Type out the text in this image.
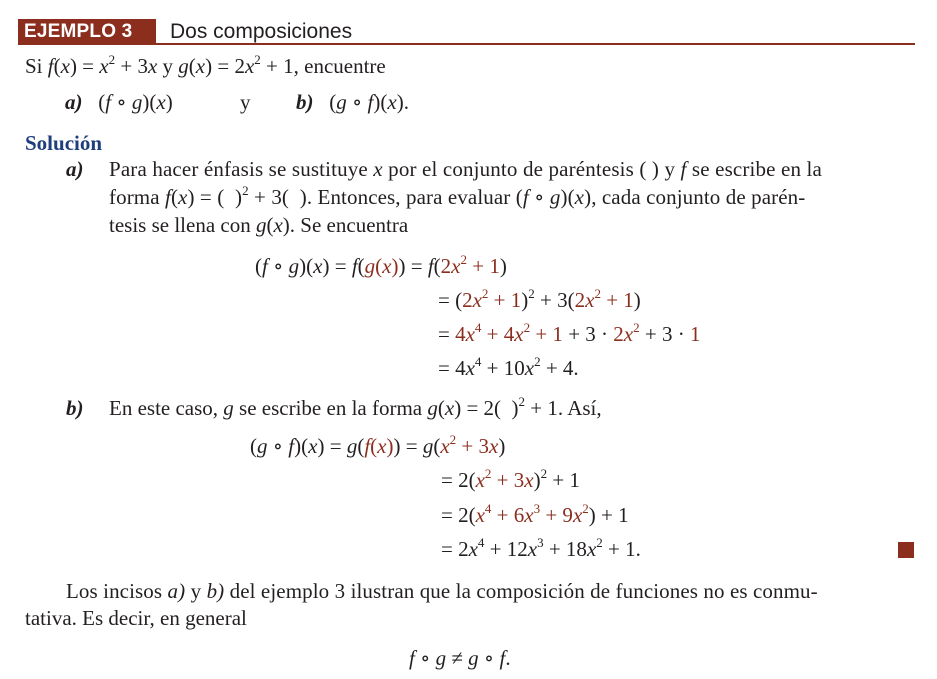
EJEMPLO 3	Dos composiciones
Si $f(x) = x^2 + 3x$ y $g(x) = 2x^2 + 1$, encuentre
a)   (f ∘ g)(x)	y b)   (g ∘ f)(x).
Solución
a) Para hacer énfasis se sustituye x por el conjunto de paréntesis ( ) y f se escribe en la
forma f(x) = (  )$^2$ + 3(  ). Entonces, para evaluar (f ∘ g)(x), cada conjunto de parén-
tesis se llena con g(x). Se encuentra
(f ∘ $g)(x) = f(g(x)) = f(2x^2 + 1)$
= $(2x^2 + 1)^2 + 3(2x^2 + 1)$
= $4x^4 + 4x^2 + 1 + 3 \cdot 2x^2 + 3 \cdot 1$
= $4x^4 + 10x^2 + 4$.
b) En este caso, g se escribe en la forma g(x) = 2(  )$^2$ + 1. Así,
(g ∘ $f)(x) = g(f(x)) = g(x^2 + 3x)$
= $2(x^2 + 3x)^2 + 1$
= $2(x^4 + 6x^3 + 9x^2) + 1$
= $2x^4 + 12x^3 + 18x^2 + 1$.
Los incisos a) y b) del ejemplo 3 ilustran que la composición de funciones no es conmu-
tativa. Es decir, en general
f ∘ g ≠ g ∘ f.
